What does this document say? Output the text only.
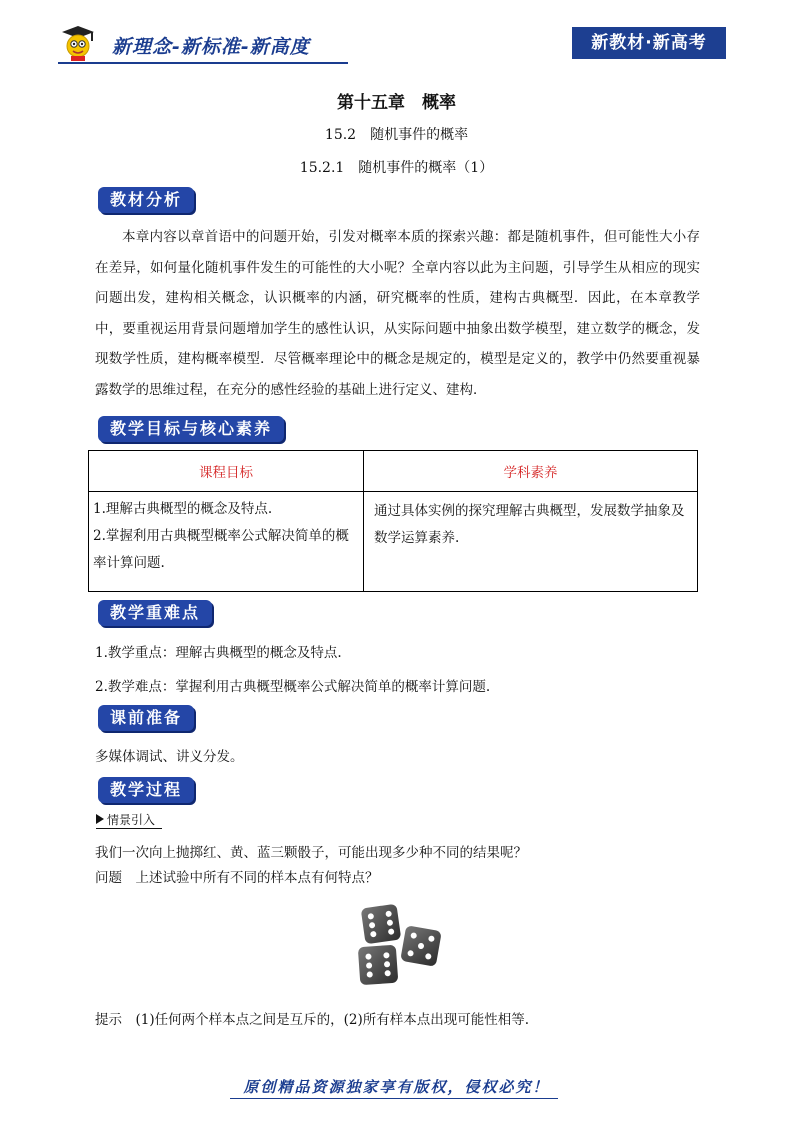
新理念-新标准-新高度	新教材·新高考
第十五章　概率
15.2　随机事件的概率
15.2.1　随机事件的概率（1）
教材分析
本章内容以章首语中的问题开始，引发对概率本质的探索兴趣：都是随机事件，但可能性大小存在差异，如何量化随机事件发生的可能性的大小呢？全章内容以此为主问题，引导学生从相应的现实问题出发，建构相关概念，认识概率的内涵，研究概率的性质，建构古典概型．因此，在本章教学中，要重视运用背景问题增加学生的感性认识，从实际问题中抽象出数学模型，建立数学的概念，发现数学性质，建构概率模型．尽管概率理论中的概念是规定的，模型是定义的，教学中仍然要重视暴露数学的思维过程，在充分的感性经验的基础上进行定义、建构．
教学目标与核心素养
课程目标	学科素养

1.理解古典概型的概念及特点.
2.掌握利用古典概型概率公式解决简单的概率计算问题.	通过具体实例的探究理解古典概型，发展数学抽象及数学运算素养.
教学重难点
1.教学重点：理解古典概型的概念及特点.
2.教学难点：掌握利用古典概型概率公式解决简单的概率计算问题.
课前准备
多媒体调试、讲义分发。
教学过程
情景引入
我们一次向上抛掷红、黄、蓝三颗骰子，可能出现多少种不同的结果呢？
问题　上述试验中所有不同的样本点有何特点？
提示　(1)任何两个样本点之间是互斥的，(2)所有样本点出现可能性相等.
原创精品资源独家享有版权，侵权必究！
